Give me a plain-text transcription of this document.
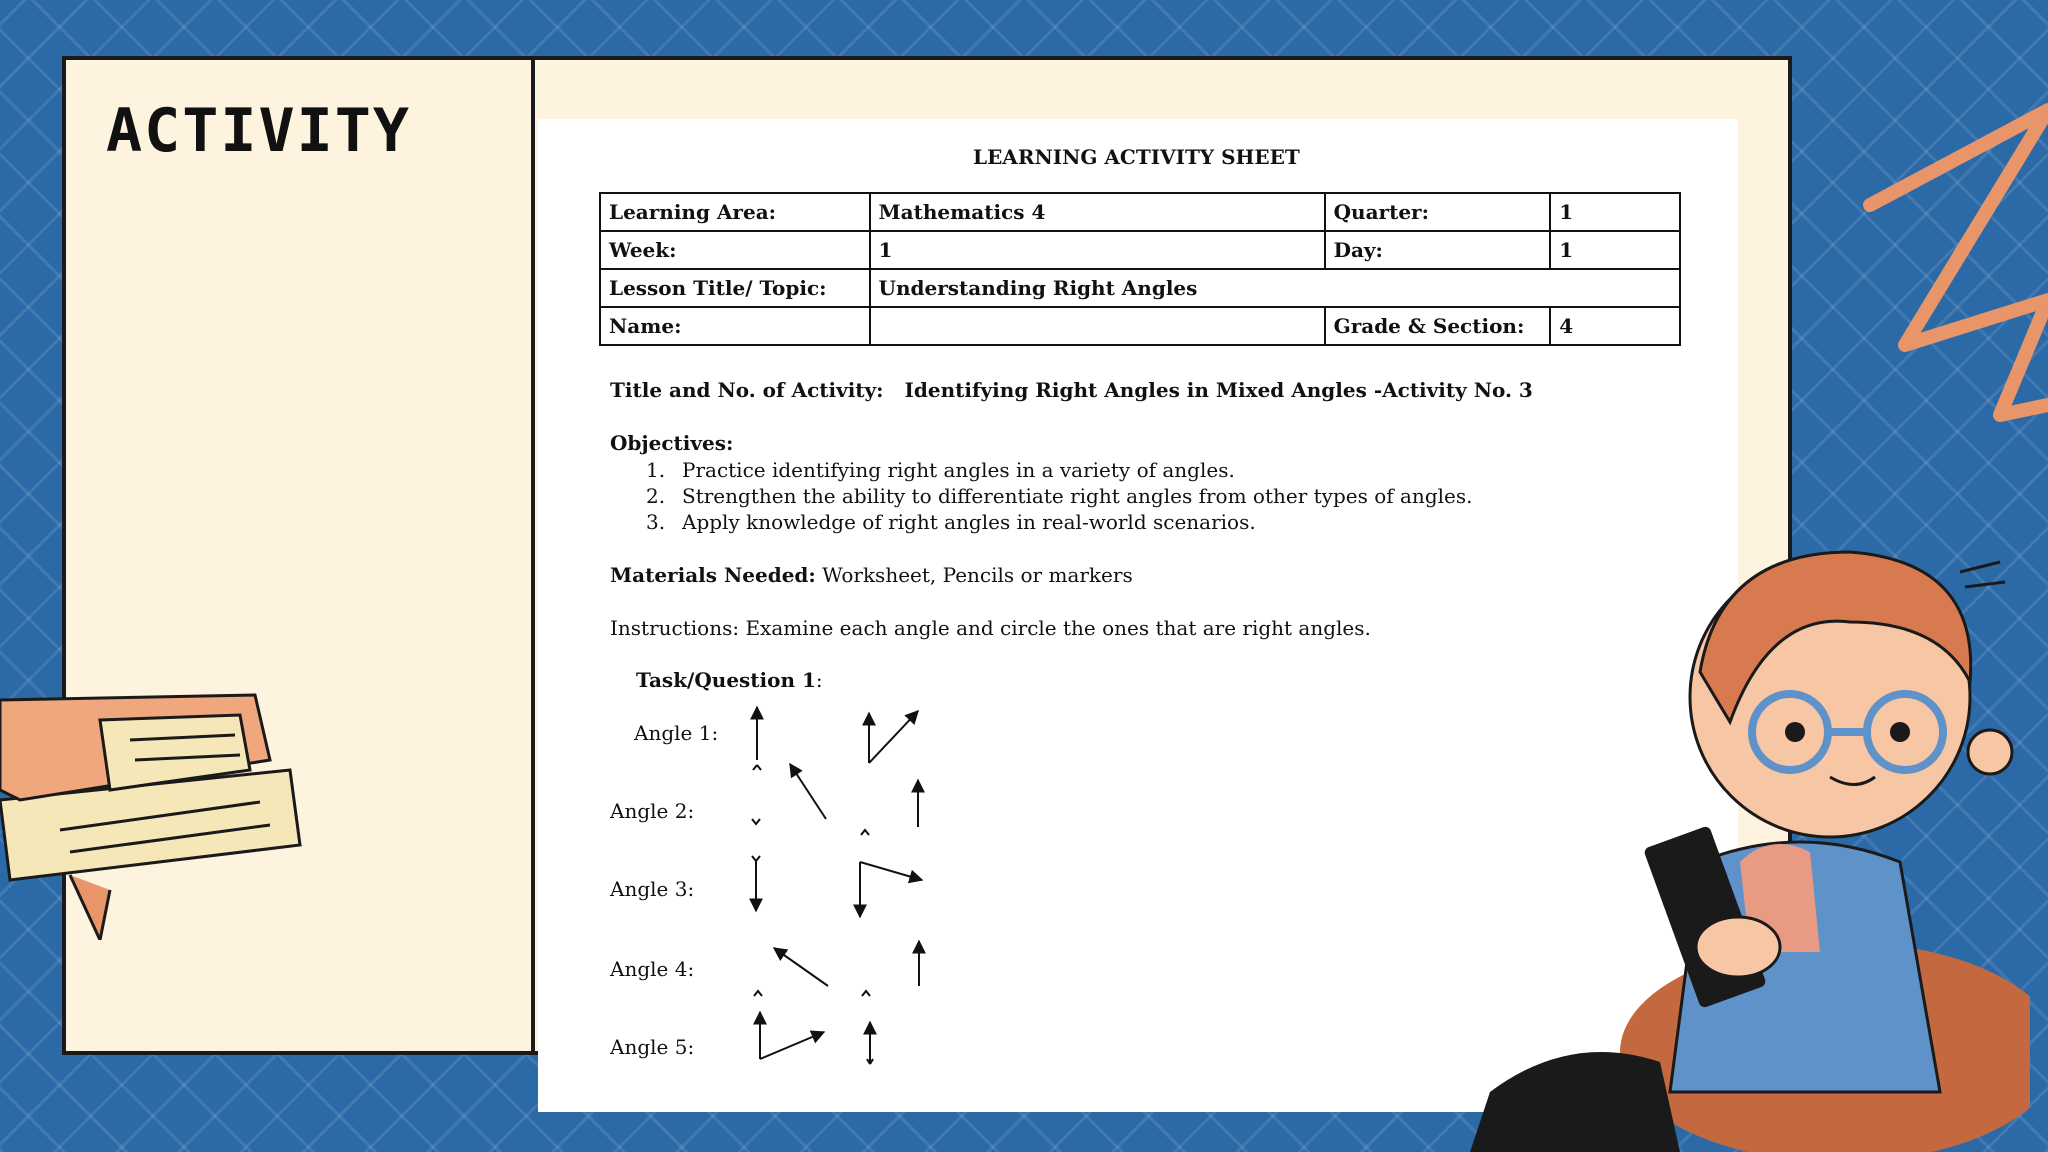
ACTIVITY	LEARNING ACTIVITY SHEET
Learning Area:	Mathematics 4	Quarter:	1
Week:	1	Day:	1
Lesson Title/ Topic:	Understanding Right Angles		
Name:		Grade & Section:	4
Title and No. of Activity: Identifying Right Angles in Mixed Angles -Activity No. 3
Objectives:
1. Practice identifying right angles in a variety of angles.
2. Strengthen the ability to differentiate right angles from other types of angles.
3. Apply knowledge of right angles in real-world scenarios.
Materials Needed: Worksheet, Pencils or markers
Instructions: Examine each angle and circle the ones that are right angles.
Task/Question 1:
Angle 1:
Angle 2:
Angle 3:
Angle 4:
Angle 5:
